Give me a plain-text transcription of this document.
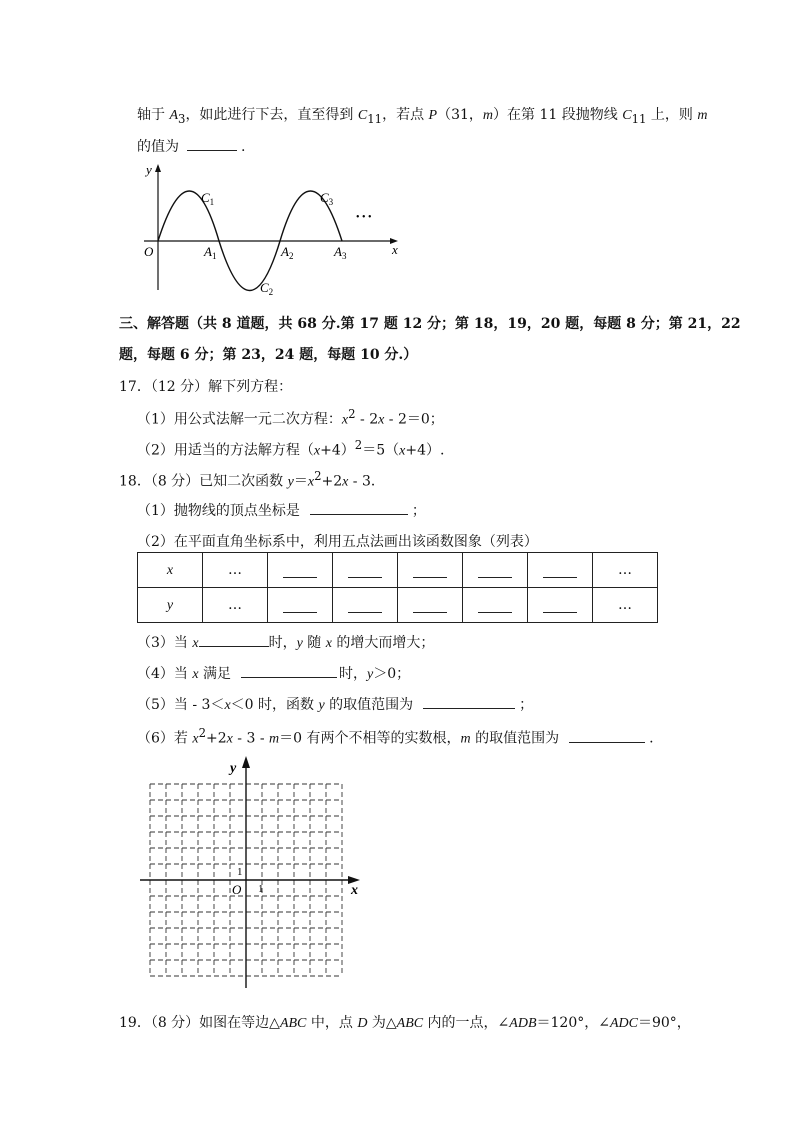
轴于 $A_3$，如此进行下去，直至得到 $C_{11}$，若点 P（31，m）在第 11 段抛物线 $C_{11}$ 上，则 m
的值为	.
y
x
O
$C_1$
$C_2$
$C_3$
$A_1$	$A_2$	$A_3$
• • •
三、解答题（共 8 道题，共 68 分.第 17 题 12 分；第 18，19，20 题，每题 8 分；第 21，22
题，每题 6 分；第 23，24 题，每题 10 分.）
17．（12 分）解下列方程：
（1）用公式法解一元二次方程：$x^2 - 2x - 2=0$；
（2）用适当的方法解方程$(x+4)^2=5(x+4)$.
18．（8 分）已知二次函数 $y=x^2+2x - 3$．
（1）抛物线的顶点坐标是	；
（2）在平面直角坐标系中，利用五点法画出该函数图象（列表）
x	…						…
y	…						…
（3）当 x	时，y 随 x 的增大而增大；
（4）当 x 满足	时，y＞0；
（5）当 - 3＜x＜0 时，函数 y 的取值范围为	；
（6）若 $x^2+2x - 3 - m=0$ 有两个不相等的实数根，m 的取值范围为	.
y
x
O
1
1
19．（8 分）如图在等边△ABC 中，点 D 为△ABC 内的一点，∠ADB＝120°，∠ADC＝90°，
